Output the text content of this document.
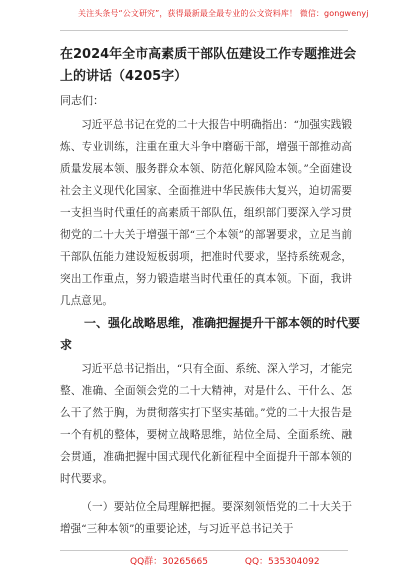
关注头条号“公文研究”，获得最新最全最专业的公文资料库！ 微信：gongwenyj
在2024年全市高素质干部队伍建设工作专题推进会上的讲话（4205字）
同志们：
习近平总书记在党的二十大报告中明确指出：“加强实践锻炼、专业训练，注重在重大斗争中磨砺干部，增强干部推动高质量发展本领、服务群众本领、防范化解风险本领。”全面建设社会主义现代化国家、全面推进中华民族伟大复兴，迫切需要一支担当时代重任的高素质干部队伍，组织部门要深入学习贯彻党的二十大关于增强干部“三个本领”的部署要求，立足当前干部队伍能力建设短板弱项，把准时代要求，坚持系统观念，突出工作重点，努力锻造堪当时代重任的真本领。下面，我讲几点意见。
一、强化战略思维，准确把握提升干部本领的时代要求
习近平总书记指出，“只有全面、系统、深入学习，才能完整、准确、全面领会党的二十大精神，对是什么、干什么、怎么干了然于胸，为贯彻落实打下坚实基础。”党的二十大报告是一个有机的整体，要树立战略思维，站位全局、全面系统、融会贯通，准确把握中国式现代化新征程中全面提升干部本领的时代要求。
（一）要站位全局理解把握。要深刻领悟党的二十大关于增强“三种本领”的重要论述，与习近平总书记关于
QQ群：30265665	QQ：535304092
